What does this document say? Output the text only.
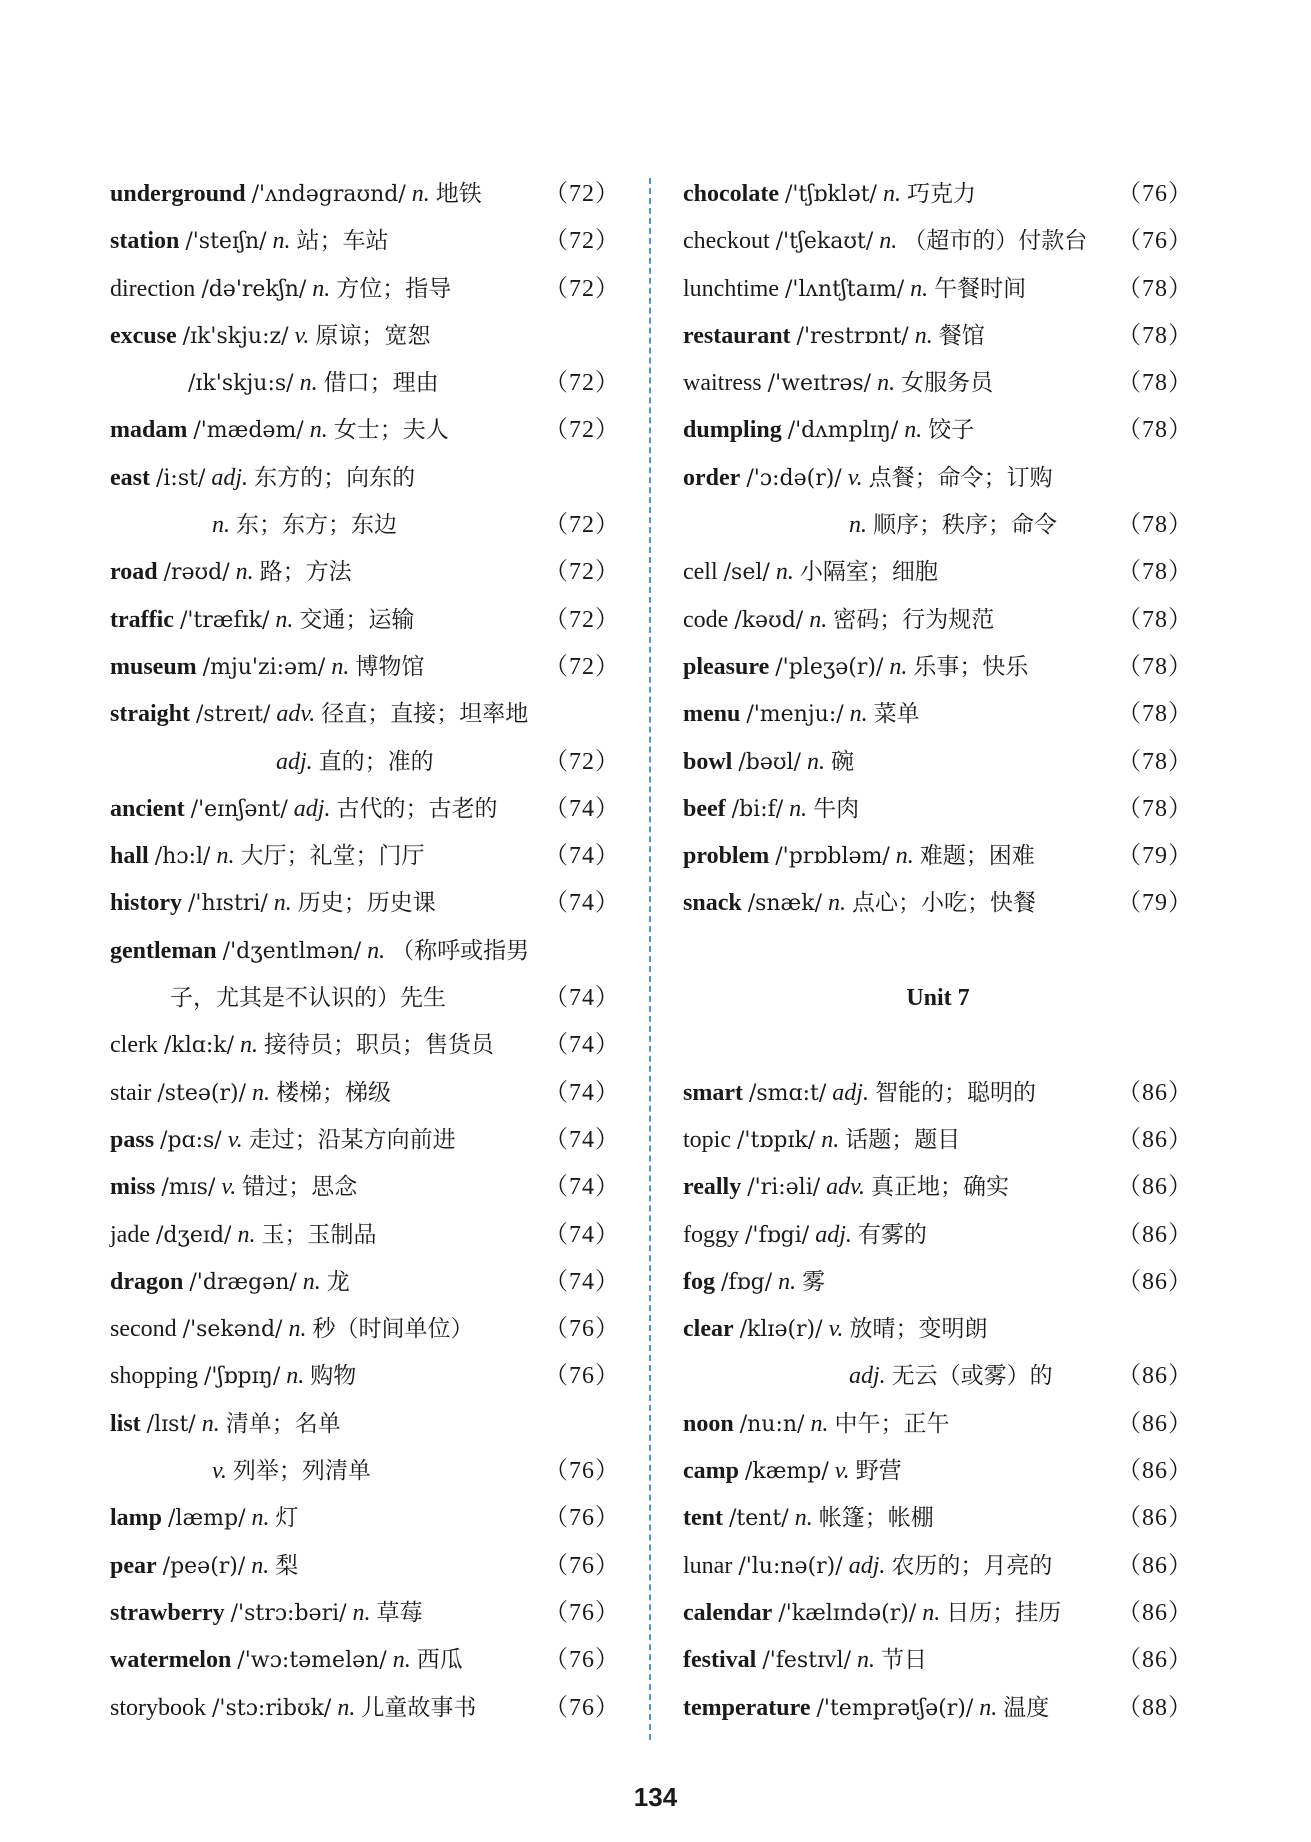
underground /'ʌndəgraʊnd/ n. 地铁	（72）
station /'steɪʃn/ n. 站；车站	（72）
direction /də'rekʃn/ n. 方位；指导	（72）
excuse /ɪk'skju:z/ v. 原谅；宽恕
/ɪk'skju:s/ n. 借口；理由	（72）
madam /'mædəm/ n. 女士；夫人	（72）
east /i:st/ adj. 东方的；向东的
n. 东；东方；东边	（72）
road /rəʊd/ n. 路；方法	（72）
traffic /'træfɪk/ n. 交通；运输	（72）
museum /mju'zi:əm/ n. 博物馆	（72）
straight /streɪt/ adv. 径直；直接；坦率地
adj. 直的；准的	（72）
ancient /'eɪnʃənt/ adj. 古代的；古老的 （74）
hall /hɔ:l/ n. 大厅；礼堂；门厅	（74）
history /'hɪstri/ n. 历史；历史课	（74）
gentleman /'dʒentlmən/ n. （称呼或指男
子，尤其是不认识的）先生	（74）
clerk /klɑ:k/ n. 接待员；职员；售货员 （74）
stair /steə(r)/ n. 楼梯；梯级	（74）
pass /pɑ:s/ v. 走过；沿某方向前进	（74）
miss /mɪs/ v. 错过；思念	（74）
jade /dʒeɪd/ n. 玉；玉制品	（74）
dragon /'drægən/ n. 龙	（74）
second /'sekənd/ n. 秒（时间单位）	（76）
shopping /'ʃɒpɪŋ/ n. 购物	（76）
list /lɪst/ n. 清单；名单
v. 列举；列清单	（76）
lamp /læmp/ n. 灯	（76）
pear /peə(r)/ n. 梨	（76）
strawberry /'strɔ:bəri/ n. 草莓	（76）
watermelon /'wɔ:təmelən/ n. 西瓜	（76）
storybook /'stɔ:ribʊk/ n. 儿童故事书	（76）
chocolate /'tʃɒklət/ n. 巧克力	（76）
checkout /'tʃekaʊt/ n. （超市的）付款台 （76）
lunchtime /'lʌntʃtaɪm/ n. 午餐时间	（78）
restaurant /'restrɒnt/ n. 餐馆	（78）
waitress /'weɪtrəs/ n. 女服务员	（78）
dumpling /'dʌmplɪŋ/ n. 饺子	（78）
order /'ɔ:də(r)/ v. 点餐；命令；订购
n. 顺序；秩序；命令	（78）
cell /sel/ n. 小隔室；细胞	（78）
code /kəʊd/ n. 密码；行为规范	（78）
pleasure /'pleʒə(r)/ n. 乐事；快乐	（78）
menu /'menju:/ n. 菜单	（78）
bowl /bəʊl/ n. 碗	（78）
beef /bi:f/ n. 牛肉	（78）
problem /'prɒbləm/ n. 难题；困难	（79）
snack /snæk/ n. 点心；小吃；快餐	（79）
Unit 7
smart /smɑ:t/ adj. 智能的；聪明的	（86）
topic /'tɒpɪk/ n. 话题；题目	（86）
really /'ri:əli/ adv. 真正地；确实	（86）
foggy /'fɒgi/ adj. 有雾的	（86）
fog /fɒg/ n. 雾	（86）
clear /klɪə(r)/ v. 放晴；变明朗
adj. 无云（或雾）的	（86）
noon /nu:n/ n. 中午；正午	（86）
camp /kæmp/ v. 野营	（86）
tent /tent/ n. 帐篷；帐棚	（86）
lunar /'lu:nə(r)/ adj. 农历的；月亮的	（86）
calendar /'kælɪndə(r)/ n. 日历；挂历 （86）
festival /'festɪvl/ n. 节日	（86）
temperature /'temprətʃə(r)/ n. 温度	（88）
134
